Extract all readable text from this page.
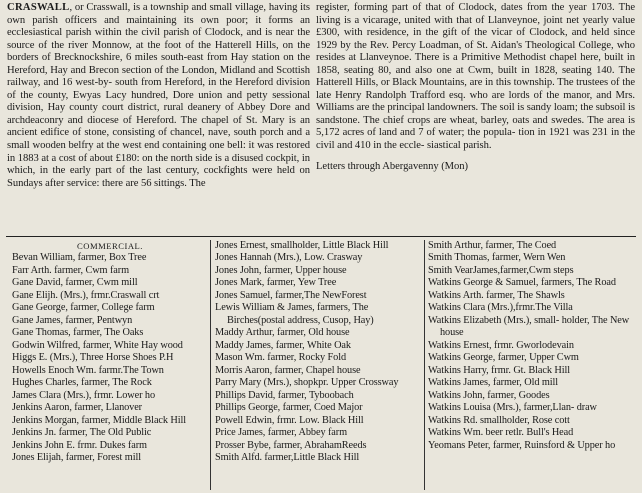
CRASWALL, or Crasswall, is a township and small village, having its own parish officers and maintaining its own poor; it forms an ecclesiastical parish within the civil parish of Clodock, and is near the source of the river Monnow, at the foot of the Hatterell Hills, on the borders of Brecknockshire, 6 miles south-east from Hay station on the Hereford, Hay and Brecon section of the London, Midland and Scottish railway, and 16 west-by- south from Hereford, in the Hereford division of the county, Ewyas Lacy hundred, Dore union and petty sessional division, Hay county court district, rural deanery of Abbey Dore and archdeaconry and diocese of Hereford. The chapel of St. Mary is an ancient edifice of stone, consisting of chancel, nave, south porch and a small wooden belfry at the west end containing one bell: it was restored in 1883 at a cost of about £180: on the north side is a disused cockpit, in which, in the early part of the last century, cockfights were held on Sundays after service: there are 56 sittings. The

register, forming part of that of Clodock, dates from the year 1703. The living is a vicarage, united with that of Llanveynoe, joint net yearly value £300, with residence, in the gift of the vicar of Clodock, and held since 1929 by the Rev. Percy Loadman, of St. Aidan's Theological College, who resides at Llanveynoe. There is a Primitive Methodist chapel here, built in 1858, seating 80, and also one at Cwm, built in 1828, seating 140. The Hatterell Hills, or Black Mountains, are in this township. The trustees of the late Henry Randolph Trafford esq. who are lords of the manor, and Mrs. Williams are the principal landowners. The soil is sandy loam; the subsoil is sandstone. The chief crops are wheat, barley, oats and swedes. The area is 5,172 acres of land and 7 of water; the popula- tion in 1921 was 231 in the civil and 410 in the eccle- siastical parish.

Letters through Abergavenny (Mon)

COMMERCIAL.
Bevan William, farmer, Box Tree
Farr Arth. farmer, Cwm farm
Gane David, farmer, Cwm mill
Gane Elijh. (Mrs.), frmr.Craswall crt
Gane George, farmer, College farm
Gane James, farmer, Pentwyn
Gane Thomas, farmer, The Oaks
Godwin Wilfred, farmer, White Hay wood
Higgs E. (Mrs.), Three Horse Shoes P.H
Howells Enoch Wm. farmr.The Town
Hughes Charles, farmer, The Rock
James Clara (Mrs.), frmr. Lower ho
Jenkins Aaron, farmer, Llanover
Jenkins Morgan, farmer, Middle Black Hill
Jenkins Jn. farmer, The Old Public
Jenkins John E. frmr. Dukes farm
Jones Elijah, farmer, Forest mill
Jones Ernest, smallholder, Little Black Hill
Jones Hannah (Mrs.), Low. Crasway
Jones John, farmer, Upper house
Jones Mark, farmer, Yew Tree
Jones Samuel, farmer,The NewForest
Lewis William & James, farmers, The Birches(postal address, Cusop, Hay)
Maddy Arthur, farmer, Old house
Maddy James, farmer, White Oak
Mason Wm. farmer, Rocky Fold
Morris Aaron, farmer, Chapel house
Parry Mary (Mrs.), shopkpr. Upper Crossway
Phillips David, farmer, Tyboobach
Phillips George, farmer, Coed Major
Powell Edwin, frmr. Low. Black Hill
Price James, farmer, Abbey farm
Prosser Bybe, farmer, AbrahamReeds
Smith Alfd. farmer,Little Black Hill
Smith Arthur, farmer, The Coed
Smith Thomas, farmer, Wern Wen
Smith VearJames,farmer,Cwm steps
Watkins George & Samuel, farmers, The Road
Watkins Arth. farmer, The Shawls
Watkins Clara (Mrs.),frmr.The Villa
Watkins Elizabeth (Mrs.), small- holder, The New house
Watkins Ernest, frmr. Gworlodevain
Watkins George, farmer, Upper Cwm
Watkins Harry, frmr. Gt. Black Hill
Watkins James, farmer, Old mill
Watkins John, farmer, Goodes
Watkins Louisa (Mrs.), farmer,Llan- draw
Watkins Rd. smallholder, Rose cott
Watkins Wm. beer retlr. Bull's Head
Yeomans Peter, farmer, Ruinsford & Upper ho
